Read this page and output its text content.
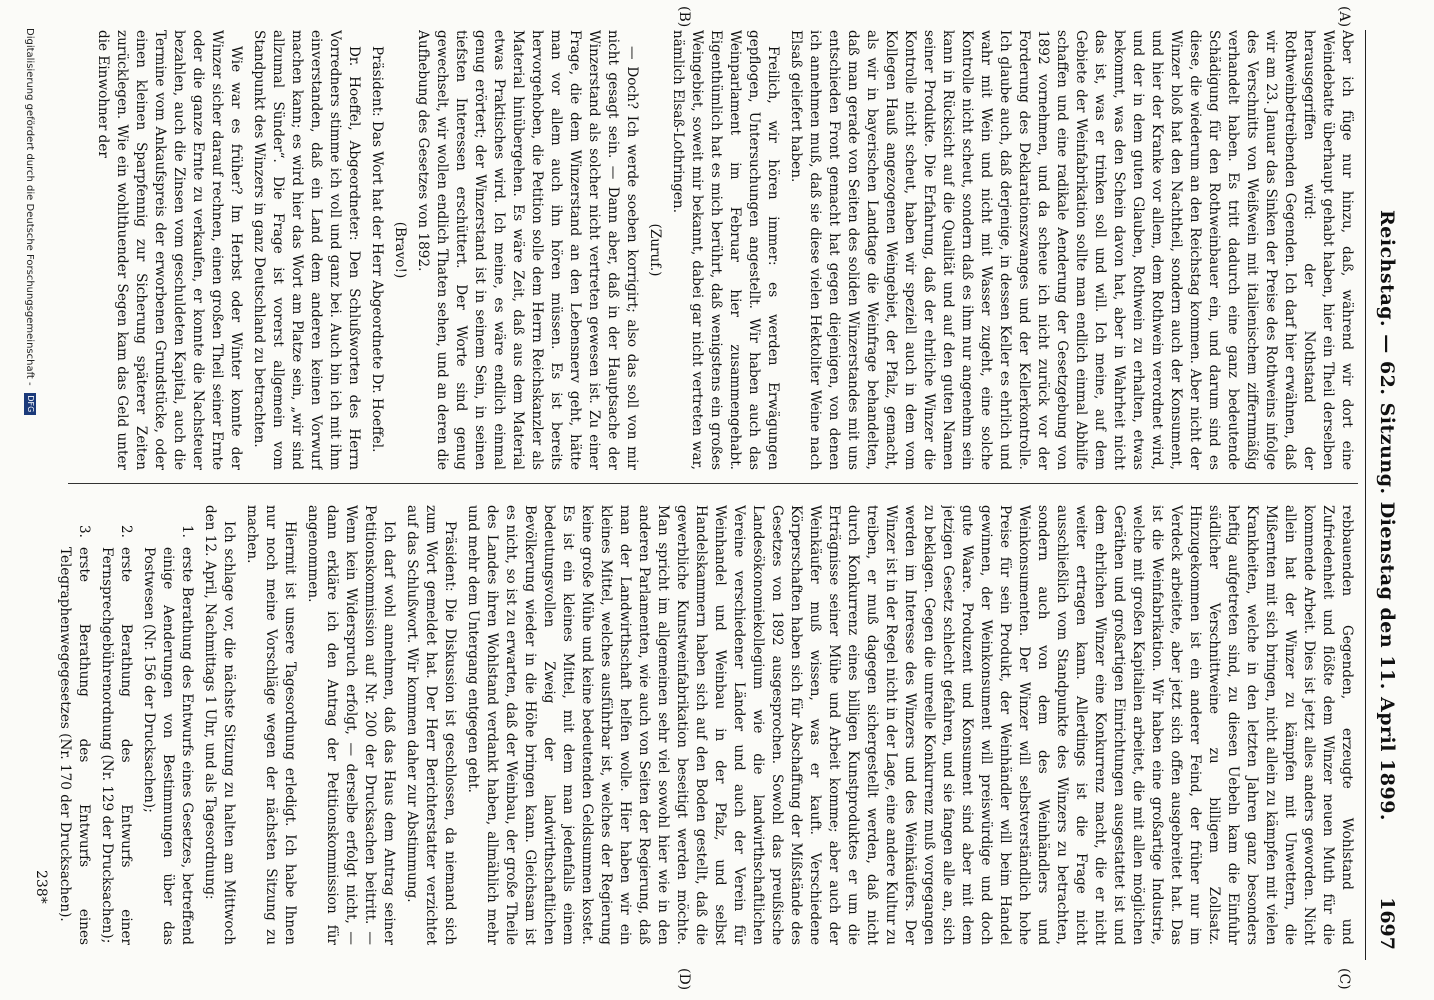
Reichstag. — 62. Sitzung. Dienstag den 11. April 1899.
1697
(A)
(B)
(C)
(D)

Aber ich füge nur hinzu, daß, während wir dort eine Weindebatte überhaupt gehabt haben, hier ein Theil derselben herausgegriffen wird: der Nothstand der Rothweinbetreibenden Gegenden. Ich darf hier erwähnen, daß wir am 23. Januar das Sinken der Preise des Rothweins infolge des Verschnitts von Weißwein mit italienischem ziffernmäßig verhandelt haben. Es tritt dadurch eine ganz bedeutende Schädigung für den Rothweinbauer ein, und darum sind es diese, die wiederum an den Reichstag kommen. Aber nicht der Winzer bloß hat den Nachtheil, sondern auch der Konsument, und hier der Kranke vor allem, dem Rothwein verordnet wird, und der in dem guten Glauben, Rothwein zu erhalten, etwas bekommt, was den Schein davon hat, aber in Wahrheit nicht das ist, was er trinken soll und will. Ich meine, auf dem Gebiete der Weinfabrikation sollte man endlich einmal Abhilfe schaffen und eine radikale Aenderung der Gesetzgebung von 1892 vornehmen, und da scheue ich nicht zurück vor der Forderung des Deklarationszwanges und der Kellerkontrolle. Ich glaube auch, daß derjenige, in dessen Keller es ehrlich und wahr mit Wein und nicht mit Wasser zugeht, eine solche Kontrolle nicht scheut, sondern daß es ihm nur angenehm sein kann in Rücksicht auf die Qualität und auf den guten Namen seiner Produkte. Die Erfahrung, daß der ehrliche Winzer die Kontrolle nicht scheut, haben wir speziell auch in dem vom Kollegen Hauß angezogenen Weingebiet, der Pfalz, gemacht, als wir in bayerischen Landtage die Weinfrage behandelten, daß man gerade von Seiten des soliden Winzerstandes mit uns entschieden Front gemacht hat gegen diejenigen, von denen ich annehmen muß, daß sie diese vielen Hektoliter Weine nach Elsaß geliefert haben.

Freilich, wir hören immer: es werden Erwägungen gepflogen, Untersuchungen angestellt. Wir haben auch das Weinparlament im Februar hier zusammengehabt. Eigenthümlich hat es mich berührt, daß wenigstens ein großes Weingebiet, soweit mir bekannt, dabei gar nicht vertreten war, nämlich Elsaß-Lothringen.

(Zuruf.)

— Doch? Ich werde soeben korrigirt; also das soll von mir nicht gesagt sein. — Dann aber, daß in der Hauptsache der Winzerstand als solcher nicht vertreten gewesen ist. Zu einer Frage, die dem Winzerstand an den Lebensnerv geht, hätte man vor allem auch ihn hören müssen. Es ist bereits hervorgehoben, die Petition solle dem Herrn Reichskanzler als Material hinübergehen. Es wäre Zeit, daß aus dem Material etwas Praktisches wird. Ich meine, es wäre endlich einmal genug erörtert; der Winzerstand ist in seinem Sein, in seinen tiefsten Interessen erschüttert. Der Worte sind genug gewechselt, wir wollen endlich Thaten sehen, und an deren die Aufhebung des Gesetzes von 1892.

(Bravo!)

Präsident: Das Wort hat der Herr Abgeordnete Dr. Hoeffel.

Dr. Hoeffel, Abgeordneter: Den Schlußworten des Herrn Vorredners stimme ich voll und ganz bei. Auch bin ich mit ihm einverstanden, daß ein Land dem anderen keinen Vorwurf machen kann; es wird hier das Wort am Platze sein, „wir sind allzumal Sünder“. Die Frage ist vorerst allgemein vom Standpunkt des Winzers in ganz Deutschland zu betrachten.

Wie war es früher? Im Herbst oder Winter konnte der Winzer sicher darauf rechnen, einen großen Theil seiner Ernte oder die ganze Ernte zu verkaufen, er konnte die Nachsteuer bezahlen, auch die Zinsen vom geschuldeten Kapital, auch die Termine vom Ankaufspreis der erworbenen Grundstücke, oder einen kleinen Sparpfennig zur Sicherung späterer Zeiten zurücklegen. Wie ein wohlthuender Segen kam das Geld unter die Einwohner der

rebbauenden Gegenden, erzeugte Wohlstand und Zufriedenheit und flößte dem Winzer neuen Muth für die kommende Arbeit. Dies ist jetzt alles anders geworden. Nicht allein hat der Winzer zu kämpfen mit Unwettern, die Mißernten mit sich bringen, nicht allein zu kämpfen mit vielen Krankheiten, welche in den letzten Jahren ganz besonders heftig aufgetreten sind, zu diesen Uebeln kam die Einfuhr südlicher Verschnittweine zu billigem Zollsatz. Hinzugekommen ist ein anderer Feind, der früher nur im Verdeck arbeitete, aber jetzt sich offen ausgebreitet hat. Das ist die Weinfabrikation. Wir haben eine großartige Industrie, welche mit großen Kapitalien arbeitet, die mit allen möglichen Geräthen und großartigen Einrichtungen ausgestattet ist und dem ehrlichen Winzer eine Konkurrenz macht, die er nicht weiter ertragen kann. Allerdings ist die Frage nicht ausschließlich vom Standpunkte des Winzers zu betrachten, sondern auch von dem des Weinhändlers und Weinkonsumenten. Der Winzer will selbstverständlich hohe Preise für sein Produkt, der Weinhändler will beim Handel gewinnen, der Weinkonsument will preiswürdige und doch gute Waare. Produzent und Konsument sind aber mit dem jetzigen Gesetz schlecht gefahren, und sie fangen alle an, sich zu beklagen. Gegen die unreelle Konkurrenz muß vorgegangen werden im Interesse des Winzers und des Weinkäufers. Der Winzer ist in der Regel nicht in der Lage, eine andere Kultur zu treiben, er muß dagegen sichergestellt werden, daß nicht durch Konkurrenz eines billigen Kunstproduktes er um die Erträgnisse seiner Mühe und Arbeit komme; aber auch der Weinkäufer muß wissen, was er kauft. Verschiedene Körperschaften haben sich für Abschaffung der Mißstände des Gesetzes von 1892 ausgesprochen. Sowohl das preußische Landesökonomiekollegium wie die landwirthschaftlichen Vereine verschiedener Länder und auch der Verein für Weinhandel und Weinbau in der Pfalz, und selbst Handelskammern haben sich auf den Boden gestellt, daß die gewerbliche Kunstweinfabrikation beseitigt werden möchte. Man spricht im allgemeinen sehr viel sowohl hier wie in den anderen Parlamenten, wie auch von Seiten der Regierung, daß man der Landwirthschaft helfen wolle. Hier haben wir ein kleines Mittel, welches ausführbar ist, welches der Regierung keine große Mühe und keine bedeutenden Geldsummen kostet. Es ist ein kleines Mittel, mit dem man jedenfalls einem bedeutungsvollen Zweig der landwirthschaftlichen Bevölkerung wieder in die Höhe bringen kann. Gleichsam ist es nicht, so ist zu erwarten, daß der Weinbau, der große Theile des Landes ihren Wohlstand verdankt haben, allmählich mehr und mehr dem Untergang entgegen geht.

Präsident: Die Diskussion ist geschlossen, da niemand sich zum Wort gemeldet hat. Der Herr Berichterstatter verzichtet auf das Schlußwort. Wir kommen daher zur Abstimmung.

Ich darf wohl annehmen, daß das Haus dem Antrag seiner Petitionskommission auf Nr. 200 der Drucksachen beitritt. — Wenn kein Widerspruch erfolgt, — derselbe erfolgt nicht, — dann erkläre ich den Antrag der Petitionskommission für angenommen.

Hiermit ist unsere Tagesordnung erledigt. Ich habe Ihnen nur noch meine Vorschläge wegen der nächsten Sitzung zu machen.

Ich schlage vor, die nächste Sitzung zu halten am Mittwoch den 12. April, Nachmittags 1 Uhr, und als Tagesordnung:

1.
erste Berathung des Entwurfs eines Gesetzes, betreffend einige Aenderungen von Bestimmungen über das Postwesen (Nr. 156 der Drucksachen);
2.
erste Berathung des Entwurfs einer Fernsprechgebührenordnung (Nr. 129 der Drucksachen);
3.
erste Berathung des Entwurfs eines Telegraphenwegegesetzes (Nr. 170 der Drucksachen).
238*
Digitalisierung gefördert durch die Deutsche Forschungsgemeinschaft - DFG
